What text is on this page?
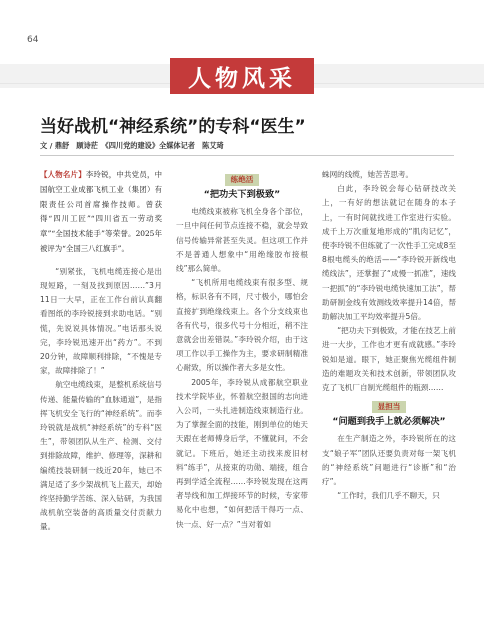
64
人物风采
当好战机“神经系统”的专科“医生”
文 / 鼎舒　顾诗茫　《四川党的建设》全媒体记者　陈艾琦

【人物名片】李玲锐，中共党员，中国航空工业成都飞机工业（集团）有限责任公司首席操作技师。曾获得“四川工匠”“四川省五一劳动奖章”“全国技术能手”等荣誉。2025年被评为“全国三八红旗手”。

“别紧张，飞机电缆连接心是出现短路，一刻及找到原因……”3月11日一大早，正在工作台前认真翻看图纸的李玲锐接到求助电话。“别慌，先说说具体情况。”电话那头说完，李玲锐迅速开出“药方”。不到20分钟，故障顺利排除，“不愧是专家，故障排除了！”

航空电缆线束，是整机系统信号传递、能量传输的“血脉通道”，是指挥飞机安全飞行的“神经系统”。而李玲锐就是战机“神经系统”的专科“医生”，带领团队从生产、检测、交付到排除故障，维护、修理等，深耕和编缆技装研制一线近20年，她已不满足适了多少架战机飞上蓝天，却始终坚持勤学苦练、深入钻研，为我国战机航空装备的高质量交付贡献力量。

练绝活
“把功夫下到极致”

电缆线束被称飞机全身各个部位，一旦中间任何节点连接不稳，就会导致信号传输异常甚至失灵。但这项工作并不是普通人想象中“用绝缘胶布接根线”那么简单。

“飞机所用电缆线束有很多型、规格，标识各有不同，尺寸极小，哪怕会直接扩到绝缘线束上。各个分支线束也各有代号，很多代号十分相近，稍不注意就会出差错误。”李玲锐介绍，由于这项工作以手工操作为主，要求研制精准心耐致，所以操作者大多是女性。

2005年，李玲锐从成都航空职业技术学院毕业，怀着航空报国的志向进入公司，一头扎进制造线束制造行业。为了掌握全面的技能，刚到单位的她天天跟在老师傅身后学，不懂就问，不会就记。下班后，她还主动找来废旧材料“练手”，从接束的功勋、端接，组合再到学适全流程……李玲锐发现在这两者导线和加工焊接环节的时候，专家带易化中也想，“如何把活干得巧一点、快一点、好一点？”当对着如

蛛网的线缆，她苦苦思考。

白此，李玲锐会每心钻研技改关上，一有好的想法就记在随身的本子上，一有时间就找进工作室进行实验。成千上万次重复地形成的“肌肉记忆”，使李玲锐不但练就了一次性手工完成8至8根电缆头的绝活——“李玲锐开新线电缆线法”，还掌握了“成慢一抓准”，速线一把抓”的“李玲锐电缆快速加工法”，帮助研制金线有效测线效率提升14倍，帮助解决加工平均效率提升5倍。

“把功夫下到极致，才能在技艺上前进一大步，工作也才更有成就感。”李玲锐如是道。眼下，她正聚焦光缆组件制造的难题攻关和技术创新，带领团队攻克了飞机厂自制光缆组件的瓶颈……

显担当
“问题到我手上就必须解决”

在生产制造之外，李玲锐所在的这支“娘子军”团队还要负责对每一架飞机的“神经系统”问题进行“诊断”和“治疗”。

“工作时，我们几乎不聊天，只
